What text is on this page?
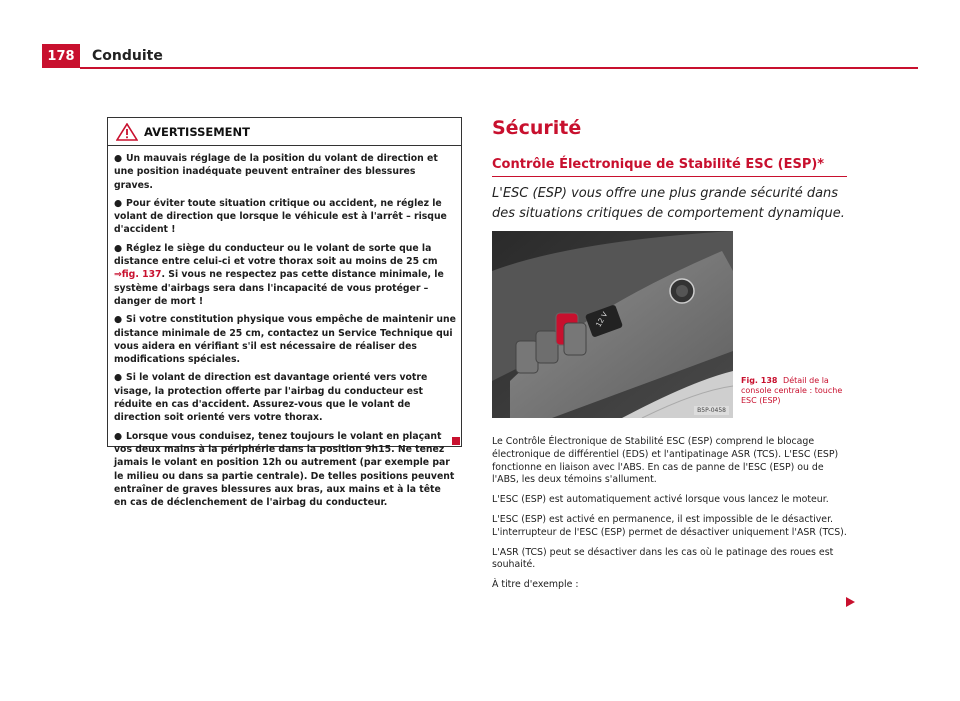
178 Conduite
AVERTISSEMENT

● Un mauvais réglage de la position du volant de direction et une position inadéquate peuvent entraîner des blessures graves.

● Pour éviter toute situation critique ou accident, ne réglez le volant de direction que lorsque le véhicule est à l'arrêt – risque d'accident !

● Réglez le siège du conducteur ou le volant de sorte que la distance entre celui-ci et votre thorax soit au moins de 25 cm ⇒fig. 137. Si vous ne respectez pas cette distance minimale, le système d'airbags sera dans l'incapacité de vous protéger – danger de mort !

● Si votre constitution physique vous empêche de maintenir une distance minimale de 25 cm, contactez un Service Technique qui vous aidera en vérifiant s'il est nécessaire de réaliser des modifications spéciales.

● Si le volant de direction est davantage orienté vers votre visage, la protection offerte par l'airbag du conducteur est réduite en cas d'accident. Assurez-vous que le volant de direction soit orienté vers votre thorax.

● Lorsque vous conduisez, tenez toujours le volant en plaçant vos deux mains à la périphérie dans la position 9h15. Ne tenez jamais le volant en position 12h ou autrement (par exemple par le milieu ou dans sa partie centrale). De telles positions peuvent entraîner de graves blessures aux bras, aux mains et à la tête en cas de déclenchement de l'airbag du conducteur.

Sécurité
Contrôle Électronique de Stabilité ESC (ESP)*
L'ESC (ESP) vous offre une plus grande sécurité dans des situations critiques de comportement dynamique.
12 V
B5P-0458
Fig. 138 Détail de la console centrale : touche ESC (ESP)

Le Contrôle Électronique de Stabilité ESC (ESP) comprend le blocage électronique de différentiel (EDS) et l'antipatinage ASR (TCS). L'ESC (ESP) fonctionne en liaison avec l'ABS. En cas de panne de l'ESC (ESP) ou de l'ABS, les deux témoins s'allument.

L'ESC (ESP) est automatiquement activé lorsque vous lancez le moteur.

L'ESC (ESP) est activé en permanence, il est impossible de le désactiver. L'interrupteur de l'ESC (ESP) permet de désactiver uniquement l'ASR (TCS).

L'ASR (TCS) peut se désactiver dans les cas où le patinage des roues est souhaité.

À titre d'exemple :
